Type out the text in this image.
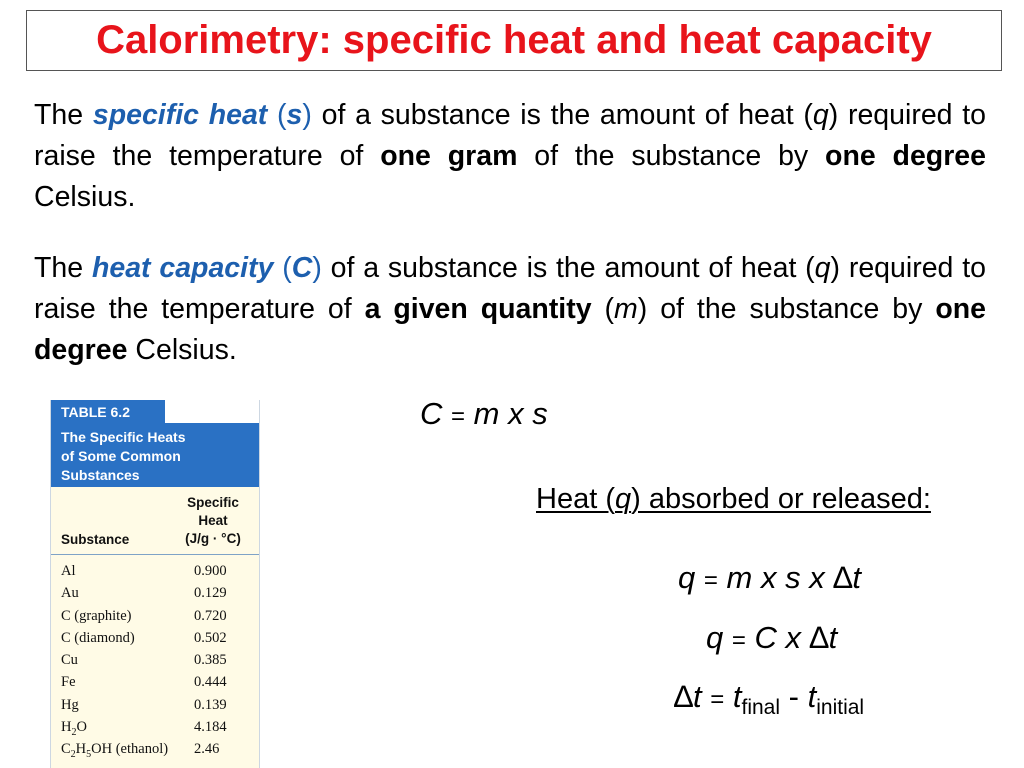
Calorimetry: specific heat and heat capacity

The specific heat (s) of a substance is the amount of heat (q) required to raise the temperature of one gram of the substance by one degree Celsius.

The heat capacity (C) of a substance is the amount of heat (q) required to raise the temperature of a given quantity (m) of the substance by one degree Celsius.

TABLE 6.2
The Specific Heats
of Some Common
Substances
Substance
Specific
Heat
(J/g · °C)
Al	0.900
Au	0.129
C (graphite)	0.720
C (diamond)	0.502
Cu	0.385
Fe	0.444
Hg	0.139
$H_2O$	4.184
$C_2H_5OH$ (ethanol) 2.46
C = m x s
Heat (q) absorbed or released:
q = m x s x ∆t
q = C x ∆t
$\Delta t = t_{final} - t_{initial}$
